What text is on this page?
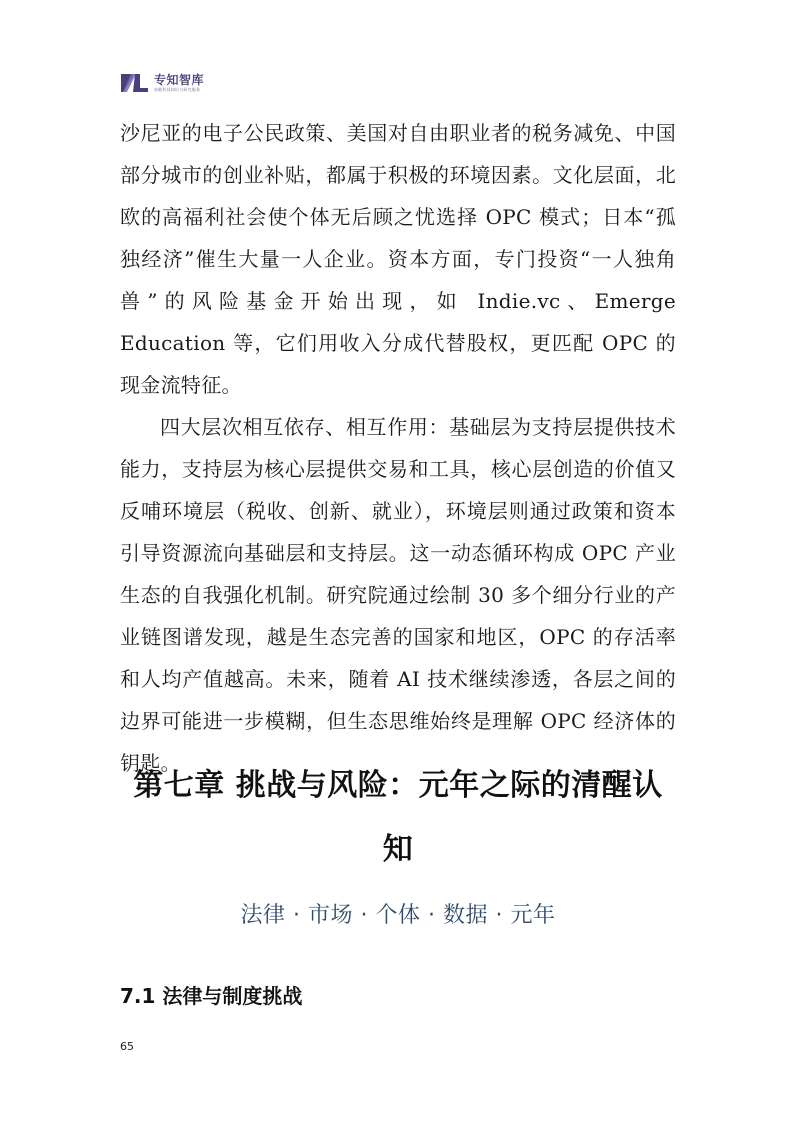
专知智库
前瞻科技知识与研究服务

沙尼亚的电子公民政策、美国对自由职业者的税务减免、中国部分城市的创业补贴，都属于积极的环境因素。文化层面，北欧的高福利社会使个体无后顾之忧选择 OPC 模式；日本“孤独经济”催生大量一人企业。资本方面，专门投资“一人独角兽”的风险基金开始出现，如 Indie.vc、Emerge Education 等，它们用收入分成代替股权，更匹配 OPC 的现金流特征。

四大层次相互依存、相互作用：基础层为支持层提供技术能力，支持层为核心层提供交易和工具，核心层创造的价值又反哺环境层（税收、创新、就业），环境层则通过政策和资本引导资源流向基础层和支持层。这一动态循环构成 OPC 产业生态的自我强化机制。研究院通过绘制 30 多个细分行业的产业链图谱发现，越是生态完善的国家和地区，OPC 的存活率和人均产值越高。未来，随着 AI 技术继续渗透，各层之间的边界可能进一步模糊，但生态思维始终是理解 OPC 经济体的钥匙。

第七章 挑战与风险：元年之际的清醒认知
法律 · 市场 · 个体 · 数据 · 元年
7.1 法律与制度挑战
65
